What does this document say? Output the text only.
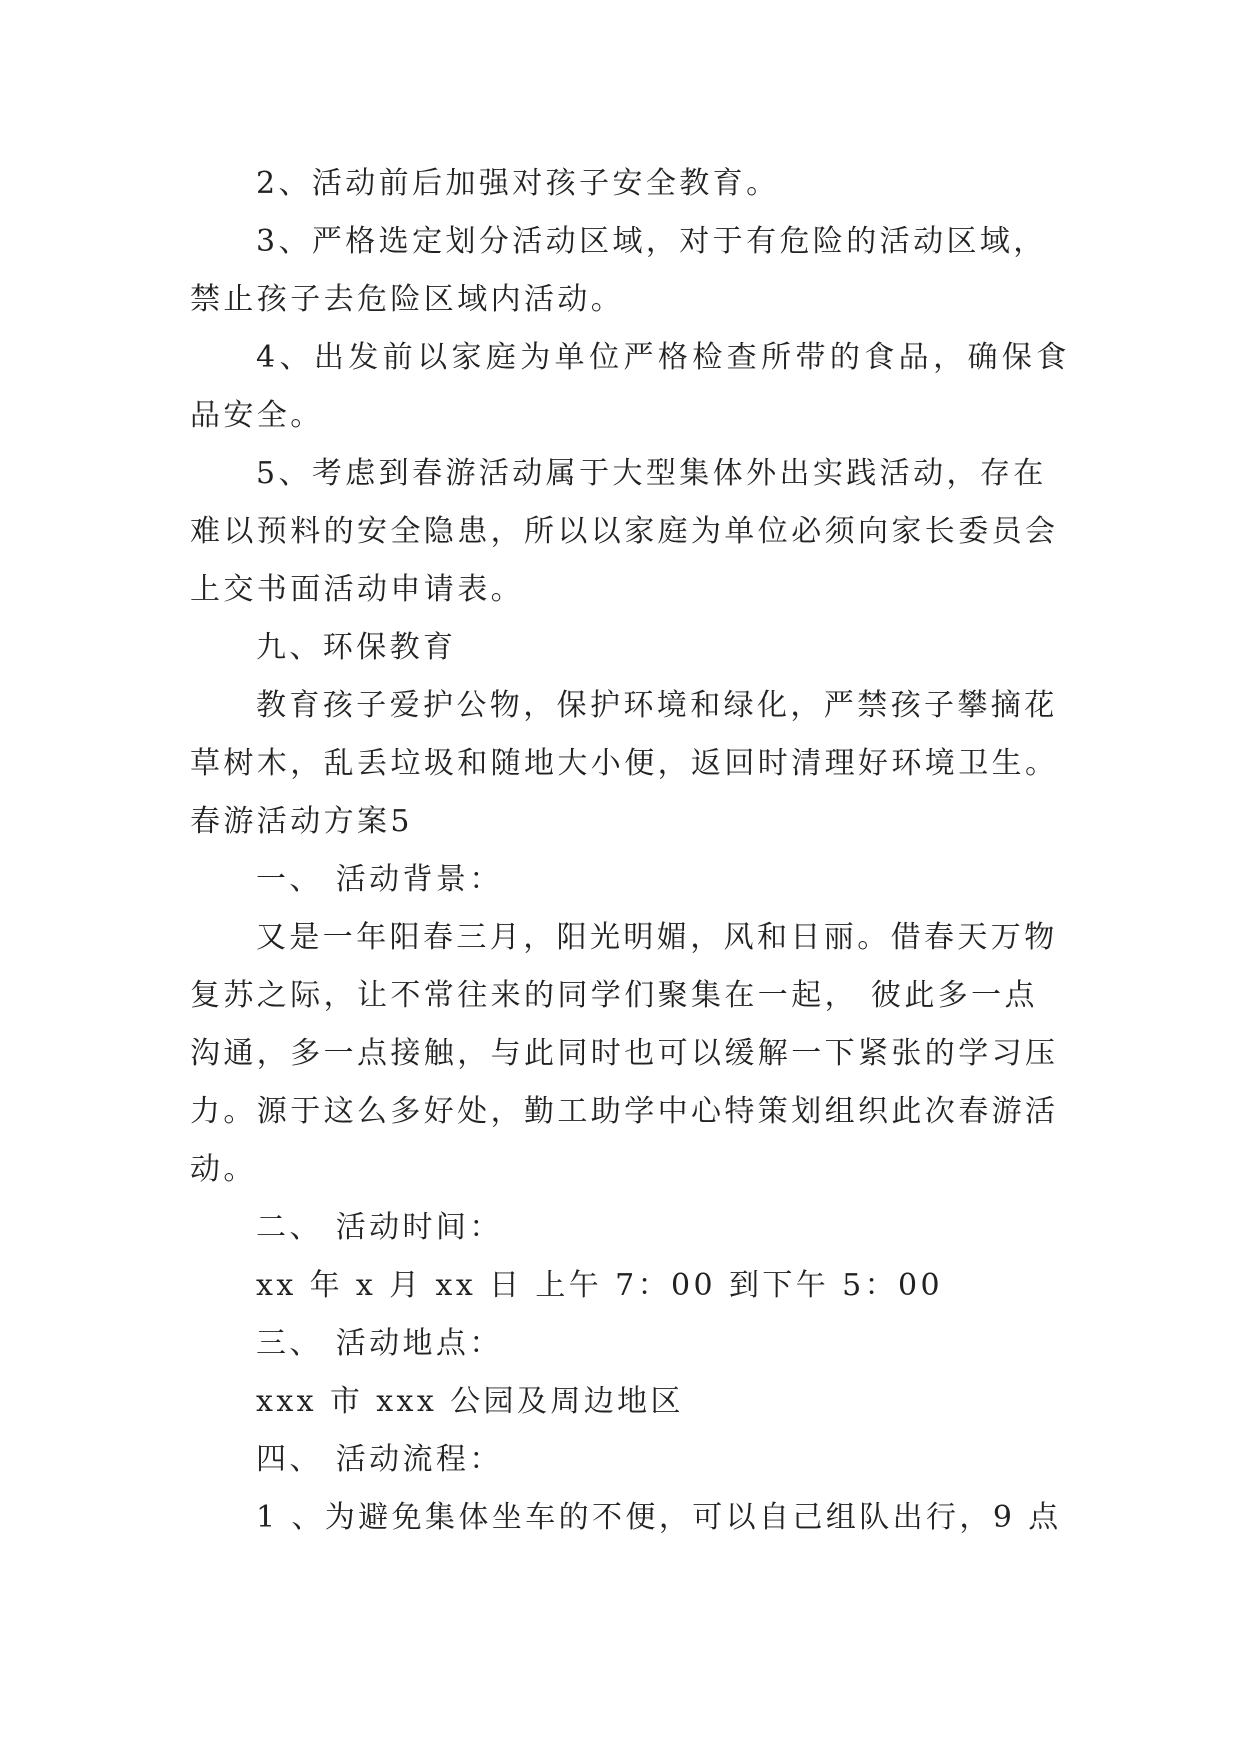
2、活动前后加强对孩子安全教育。

3、严格选定划分活动区域，对于有危险的活动区域，

禁止孩子去危险区域内活动。

4、出发前以家庭为单位严格检查所带的食品，确保食

品安全。

5、考虑到春游活动属于大型集体外出实践活动，存在

难以预料的安全隐患，所以以家庭为单位必须向家长委员会

上交书面活动申请表。

九、环保教育

教育孩子爱护公物，保护环境和绿化，严禁孩子攀摘花

草树木，乱丢垃圾和随地大小便，返回时清理好环境卫生。

春游活动方案5

一、 活动背景：

又是一年阳春三月，阳光明媚，风和日丽。借春天万物

复苏之际，让不常往来的同学们聚集在一起， 彼此多一点

沟通，多一点接触，与此同时也可以缓解一下紧张的学习压

力。源于这么多好处，勤工助学中心特策划组织此次春游活

动。

二、 活动时间：

xx 年 x 月 xx 日 上午 7：00 到下午 5：00

三、 活动地点：

xxx 市 xxx 公园及周边地区

四、 活动流程：

1 、为避免集体坐车的不便，可以自己组队出行，9 点
